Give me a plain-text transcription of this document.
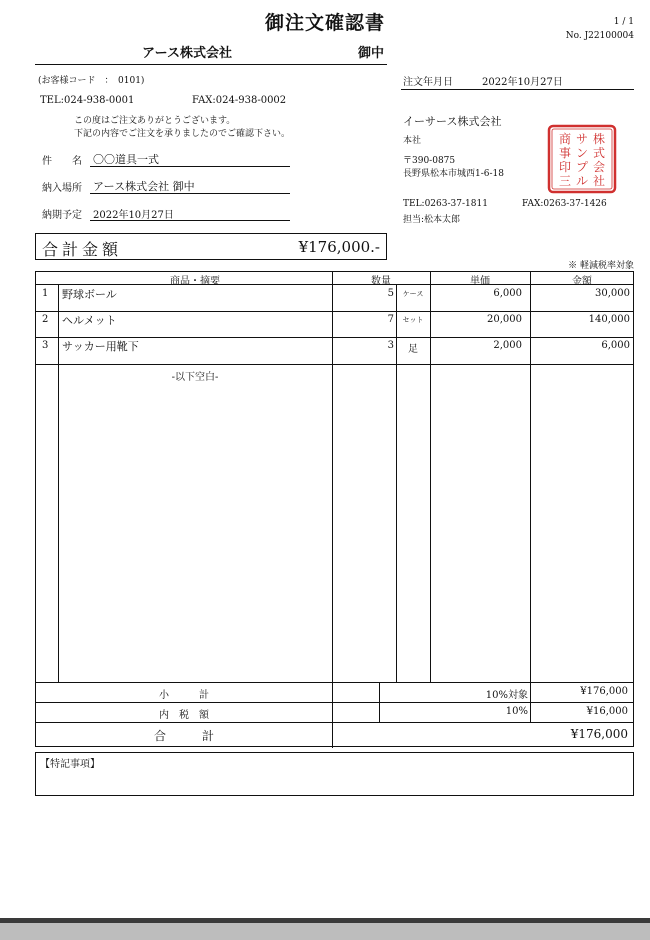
御注文確認書	1 / 1
No. J22100004
アース株式会社	御中
(お客様コード　：　0101)
TEL:024-938-0001	FAX:024-938-0002
この度はご注文ありがとうございます。
下記の内容でご注文を承りましたのでご確認下さい。
件　　名 〇〇道具一式
納入場所 アース株式会社 御中
納期予定 2022年10月27日
注文年月日	2022年10月27日
イーサース株式会社
本社
〒390-0875
長野県松本市城西1-6-18
TEL:0263-37-1811	FAX:0263-37-1426
担当:松本太郎
株
式
会
社
サ
ン
プ
ル
商
事
印
三
合計金額	¥176,000.-
※ 軽減税率対象
商品・摘要	数量	単価	金額
1 野球ボール	5	ケース	6,000	30,000
2 ヘルメット	7	セット	20,000	140,000
3 サッカー用靴下	3	足	2,000	6,000
-以下空白-
小　　　計	10%対象	¥176,000
内　税　額	10%	¥16,000
合　　　計	¥176,000
【特記事項】
